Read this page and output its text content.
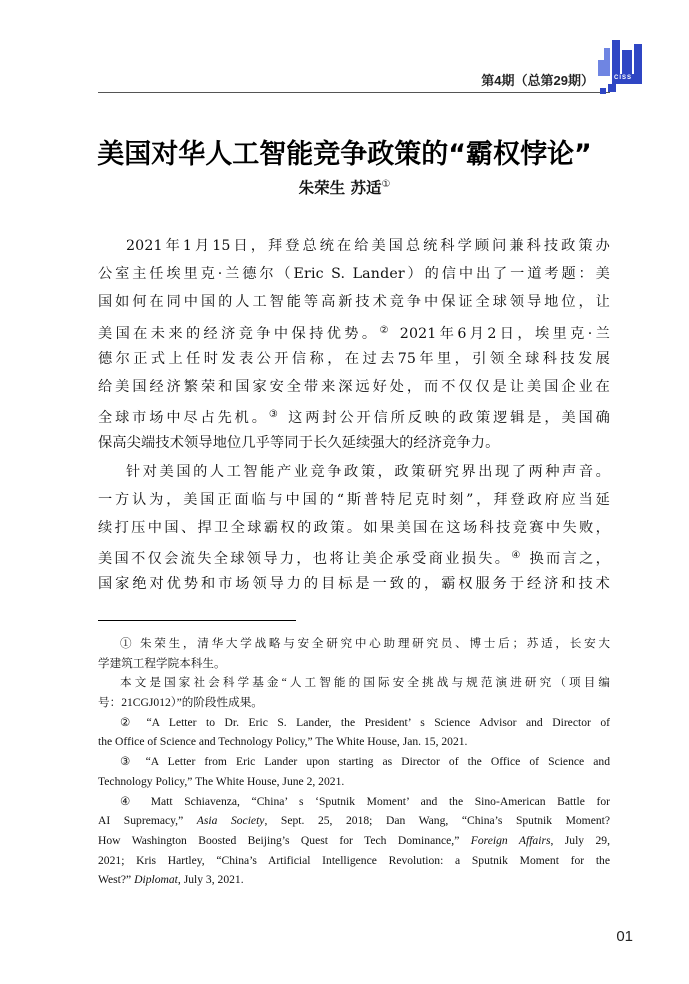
第4期（总第29期）	CISS
美国对华人工智能竞争政策的“霸权悖论”
朱荣生 苏适①
2021年1月15日，拜登总统在给美国总统科学顾问兼科技政策办
公室主任埃里克·兰德尔（Eric S. Lander）的信中出了一道考题：美
国如何在同中国的人工智能等高新技术竞争中保证全球领导地位，让
美国在未来的经济竞争中保持优势。② 2021年6月2日，埃里克·兰
德尔正式上任时发表公开信称，在过去75年里，引领全球科技发展
给美国经济繁荣和国家安全带来深远好处，而不仅仅是让美国企业在
全球市场中尽占先机。③ 这两封公开信所反映的政策逻辑是，美国确
保高尖端技术领导地位几乎等同于长久延续强大的经济竞争力。
针对美国的人工智能产业竞争政策，政策研究界出现了两种声音。
一方认为，美国正面临与中国的“斯普特尼克时刻”，拜登政府应当延
续打压中国、捍卫全球霸权的政策。如果美国在这场科技竞赛中失败，
美国不仅会流失全球领导力，也将让美企承受商业损失。④ 换而言之，
国家绝对优势和市场领导力的目标是一致的，霸权服务于经济和技术
① 朱荣生，清华大学战略与安全研究中心助理研究员、博士后；苏适，长安大
学建筑工程学院本科生。
本文是国家社会科学基金“人工智能的国际安全挑战与规范演进研究（项目编
号：21CGJ012）”的阶段性成果。
② “A Letter to Dr. Eric S. Lander, the President’ s Science Advisor and Director of
the Office of Science and Technology Policy,” The White House, Jan. 15, 2021.
③ “A Letter from Eric Lander upon starting as Director of the Office of Science and
Technology Policy,” The White House, June 2, 2021.
④ Matt Schiavenza, “China’ s ‘Sputnik Moment’ and the Sino-American Battle for
AI Supremacy,” Asia Society, Sept. 25, 2018; Dan Wang, “China’s Sputnik Moment?
How Washington Boosted Beijing’s Quest for Tech Dominance,” Foreign Affairs, July 29,
2021; Kris Hartley, “China’s Artificial Intelligence Revolution: a Sputnik Moment for the
West?” Diplomat, July 3, 2021.
01
